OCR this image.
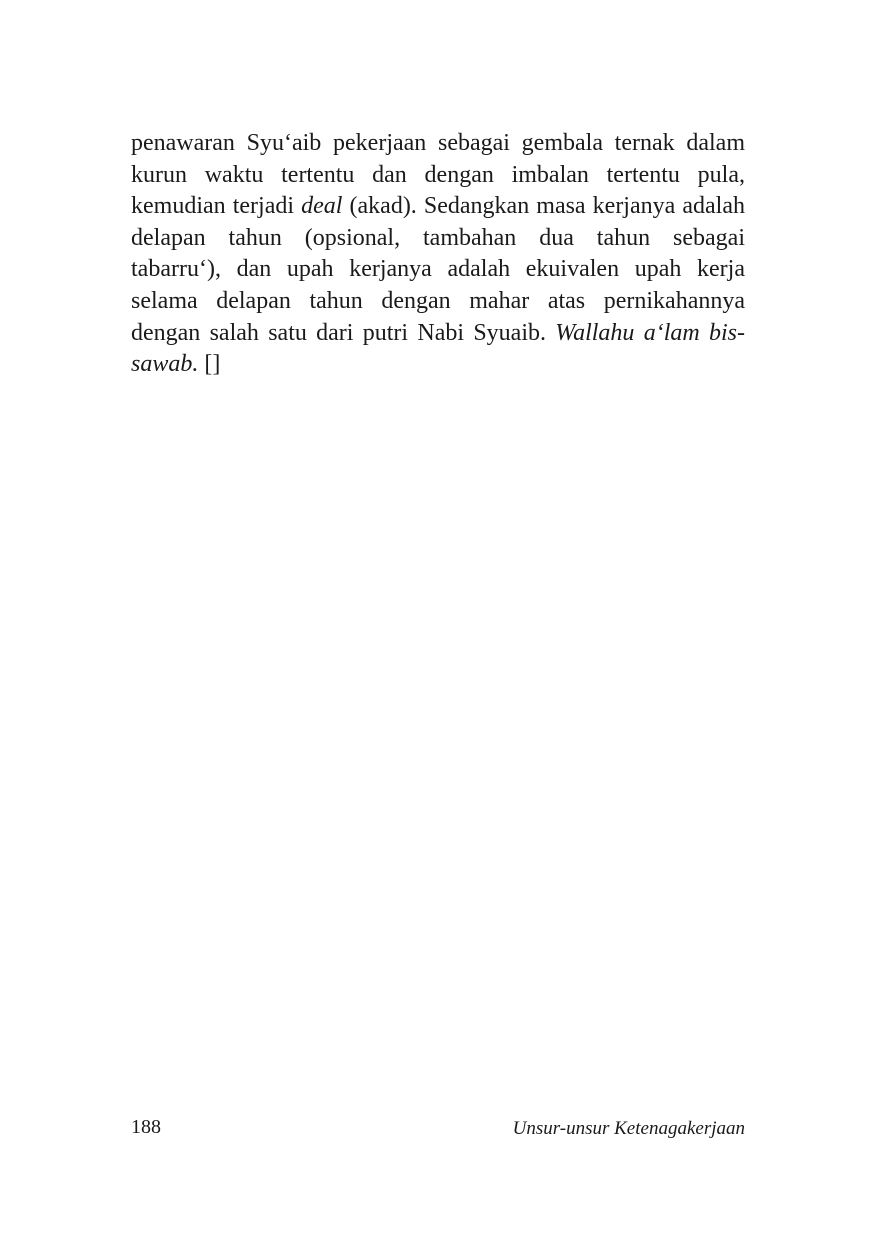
penawaran Syu‘aib pekerjaan sebagai gembala ternak dalam
kurun waktu tertentu dan dengan imbalan tertentu pula,
kemudian terjadi deal (akad). Sedangkan masa kerjanya adalah
delapan tahun (opsional, tambahan dua tahun sebagai
tabarru‘), dan upah kerjanya adalah ekuivalen upah kerja
selama delapan tahun dengan mahar atas pernikahannya
dengan salah satu dari putri Nabi Syuaib. Wallahu a‘lam bis-
sawab. []
188	Unsur-unsur Ketenagakerjaan
